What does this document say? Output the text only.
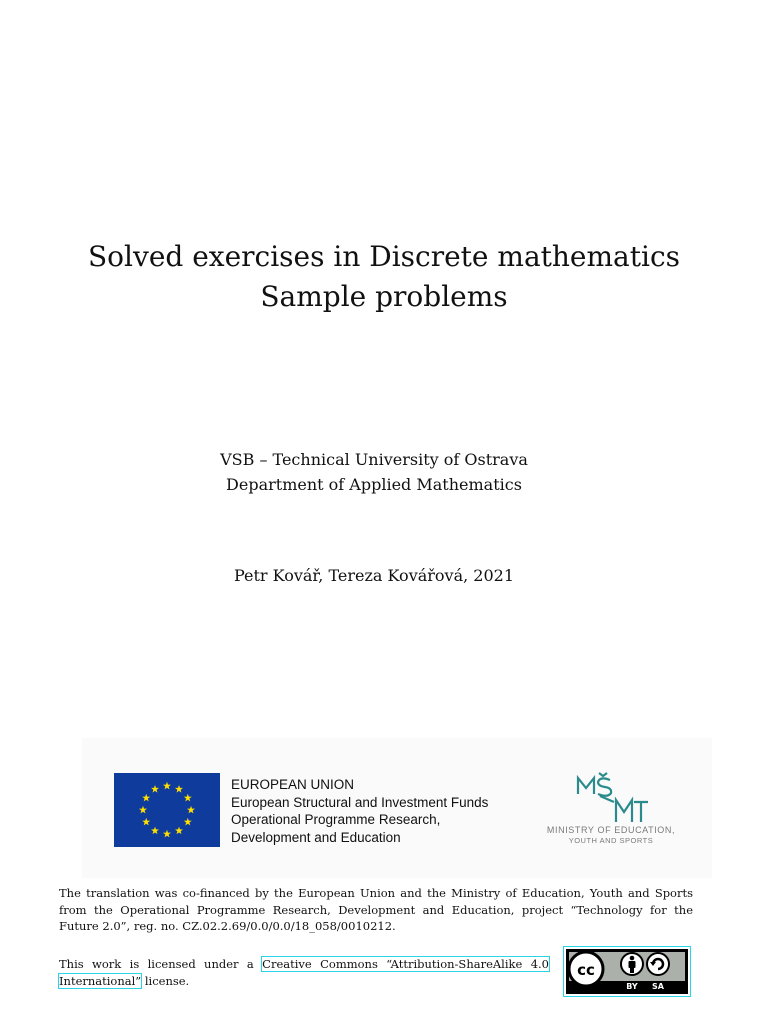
Solved exercises in Discrete mathematics
Sample problems
VSB – Technical University of Ostrava
Department of Applied Mathematics
Petr Kovář, Tereza Kovářová, 2021
EUROPEAN UNION
European Structural and Investment Funds
Operational Programme Research,
Development and Education	MINISTRY OF EDUCATION,
YOUTH AND SPORTS
The translation was co-financed by the European Union and the Ministry of Education, Youth and Sports from the Operational Programme Research, Development and Education, project “Technology for the Future 2.0”, reg. no. CZ.02.2.69/0.0/0.0/18_058/0010212.
This work is licensed under a Creative Commons “Attribution-ShareAlike 4.0 International” license.
cc
BY SA
